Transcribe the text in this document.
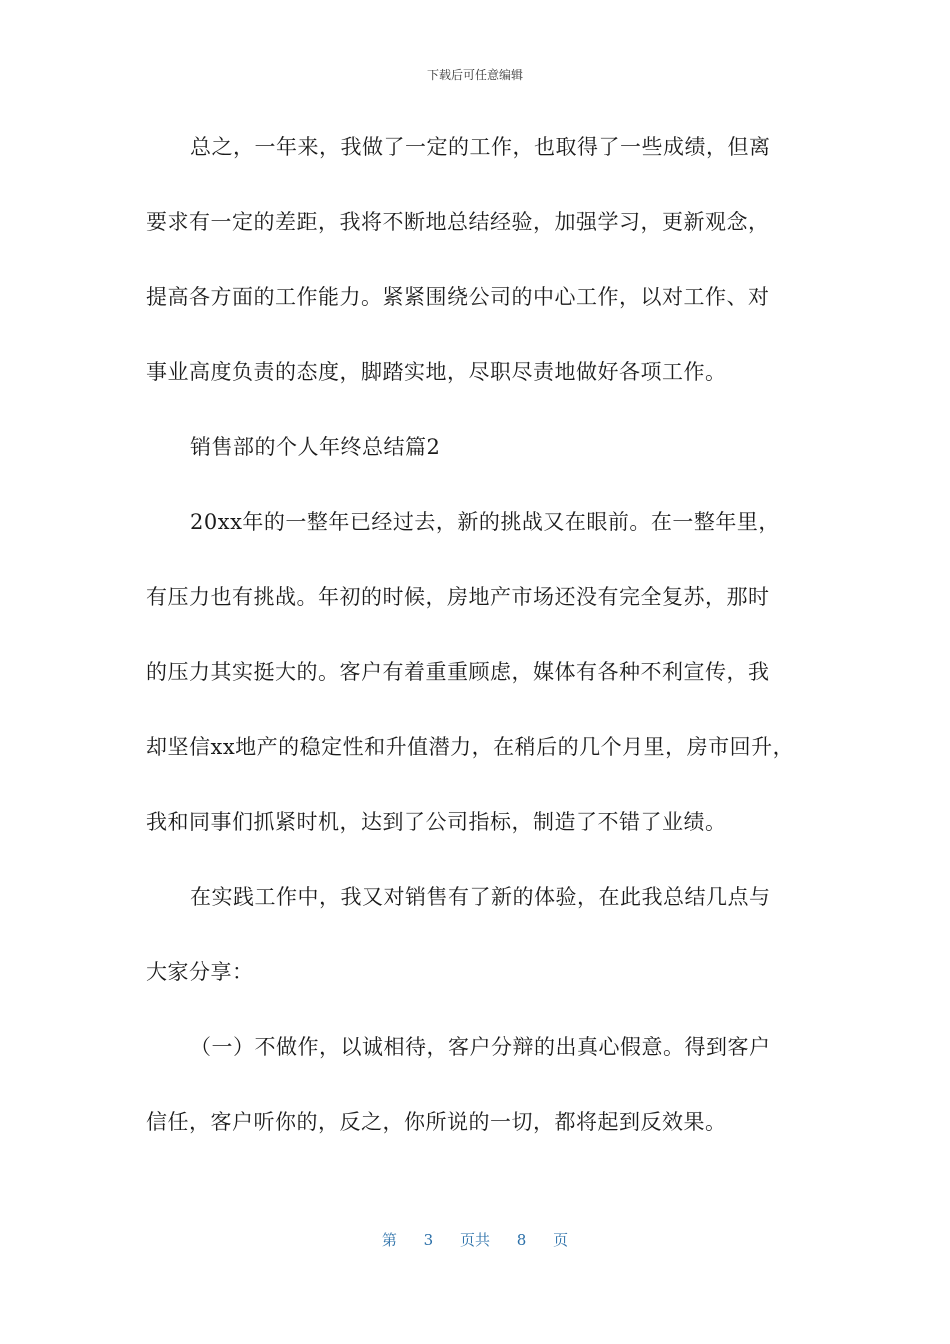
下载后可任意编辑
总之，一年来，我做了一定的工作，也取得了一些成绩，但离
要求有一定的差距，我将不断地总结经验，加强学习，更新观念，
提高各方面的工作能力。紧紧围绕公司的中心工作，以对工作、对
事业高度负责的态度，脚踏实地，尽职尽责地做好各项工作。
销售部的个人年终总结篇2
20xx年的一整年已经过去，新的挑战又在眼前。在一整年里，
有压力也有挑战。年初的时候，房地产市场还没有完全复苏，那时
的压力其实挺大的。客户有着重重顾虑，媒体有各种不利宣传，我
却坚信xx地产的稳定性和升值潜力，在稍后的几个月里，房市回升，
我和同事们抓紧时机，达到了公司指标，制造了不错了业绩。
在实践工作中，我又对销售有了新的体验，在此我总结几点与
大家分享：
（一）不做作，以诚相待，客户分辩的出真心假意。得到客户
信任，客户听你的，反之，你所说的一切，都将起到反效果。
第 3 页共 8 页
